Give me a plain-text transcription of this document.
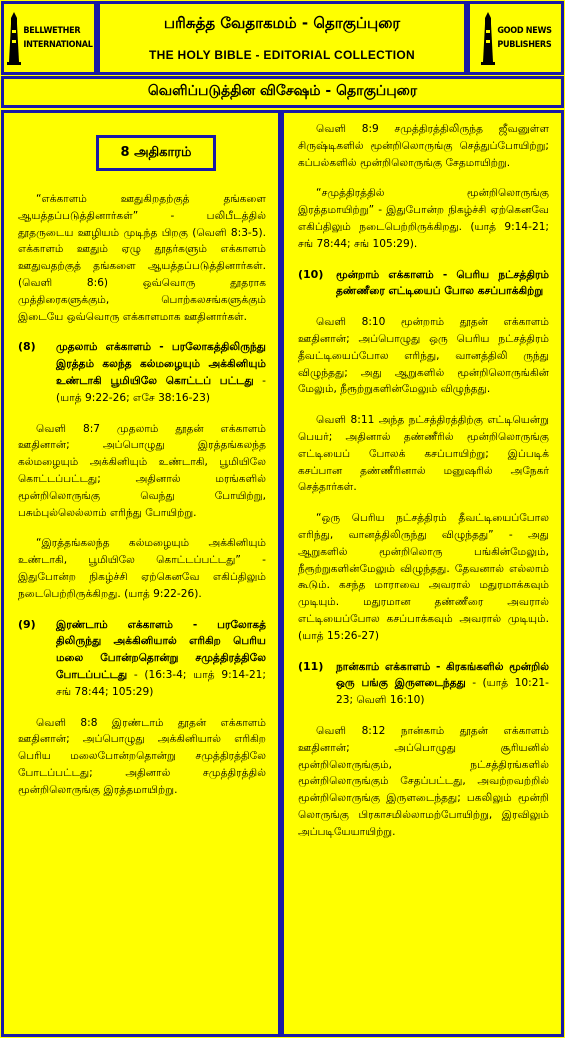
BELLWETHER
INTERNATIONAL
பரிசுத்த வேதாகமம் - தொகுப்புரை
THE HOLY BIBLE - EDITORIAL COLLECTION
GOOD NEWS
PUBLISHERS
வெளிப்படுத்தின விசேஷம் - தொகுப்புரை
8 அதிகாரம்
“எக்காளம் ஊதுகிறதற்குத் தங்களை ஆயத்தப்படுத்தினார்கள்” - பலிபீடத்தில் தூதருடைய ஊழியம் முடிந்த பிறகு (வெளி 8:3-5). எக்காளம் ஊதும் ஏழு தூதர்களும் எக்காளம் ஊதுவதற்குத் தங்களை ஆயத்தப்படுத்தினார்கள். (வெளி 8:6) ஒவ்வொரு தூதராக முத்திரைகளுக்கும், பொற்கலசங்களுக்கும் இடையே ஒவ்வொரு எக்காளமாக ஊதினார்கள்.
(8)	முதலாம் எக்காளம் - பரலோகத்திலிருந்து இரத்தம் கலந்த கல்மழையும் அக்கினியும் உண்டாகி பூமியிலே கொட்டப் பட்டது - (யாத் 9:22-26; எசே 38:16-23)
வெளி 8:7 முதலாம் தூதன் எக்காளம் ஊதினான்; அப்பொழுது இரத்தங்கலந்த கல்மழையும் அக்கினியும் உண்டாகி, பூமியிலே கொட்டப்பட்டது; அதினால் மரங்களில் மூன்றிலொருங்கு வெந்து போயிற்று, பசும்புல்லெல்லாம் எரிந்து போயிற்று.
“இரத்தங்கலந்த கல்மழையும் அக்கினியும் உண்டாகி, பூமியிலே கொட்டப்பட்டது” - இதுபோன்ற நிகழ்ச்சி ஏற்கெனவே எகிப்திலும் நடைபெற்றிருக்கிறது. (யாத் 9:22-26).
(9)	இரண்டாம் எக்காளம் - பரலோகத் திலிருந்து அக்கினியால் எரிகிற பெரிய மலை போன்றதொன்று சமுத்திரத்திலே போடப்பட்டது - (16:3-4; யாத் 9:14-21; சங் 78:44; 105:29)
வெளி 8:8 இரண்டாம் தூதன் எக்காளம் ஊதினான்; அப்பொழுது அக்கினியால் எரிகிற பெரிய மலைபோன்றதொன்று சமுத்திரத்திலே போடப்பட்டது; அதினால் சமுத்திரத்தில் மூன்றிலொருங்கு இரத்தமாயிற்று.
வெளி 8:9 சமுத்திரத்திலிருந்த ஜீவனுள்ள சிருஷ்டிகளில் மூன்றிலொருங்கு செத்துப்போயிற்று; கப்பல்களில் மூன்றிலொருங்கு சேதமாயிற்று.
“சமுத்திரத்தில் மூன்றிலொருங்கு இரத்தமாயிற்று” - இதுபோன்ற நிகழ்ச்சி ஏற்கெனவே எகிப்திலும் நடைபெற்றிருக்கிறது. (யாத் 9:14-21; சங் 78:44; சங் 105:29).
(10)	மூன்றாம் எக்காளம் - பெரிய நட்சத்திரம் தண்ணீரை எட்டியைப் போல கசப்பாக்கிற்று
வெளி 8:10 மூன்றாம் தூதன் எக்காளம் ஊதினான்; அப்பொழுது ஒரு பெரிய நட்சத்திரம் தீவட்டியைப்போல எரிந்து, வானத்திலி ருந்து விழுந்தது; அது ஆறுகளில் மூன்றிலொருங்கின் மேலும், நீரூற்றுகளின்மேலும் விழுந்தது.
வெளி 8:11 அந்த நட்சத்திரத்திற்கு எட்டியென்று பெயர்; அதினால் தண்ணீரில் மூன்றிலொருங்கு எட்டியைப் போலக் கசப்பாயிற்று; இப்படிக் கசப்பான தண்ணீரினால் மனுஷரில் அநேகர் செத்தார்கள்.
“ஒரு பெரிய நட்சத்திரம் தீவட்டியைப்போல எரிந்து, வானத்திலிருந்து விழுந்தது” - அது ஆறுகளில் மூன்றிலொரு பங்கின்மேலும், நீரூற்றுகளின்மேலும் விழுந்தது. தேவனால் எல்லாம் கூடும். கசந்த மாராவை அவரால் மதுரமாக்கவும் முடியும். மதுரமான தண்ணீரை அவரால் எட்டியைப்போல கசப்பாக்கவும் அவரால் முடியும். (யாத் 15:26-27)
(11)	நான்காம் எக்காளம் - கிரகங்களில் மூன்றில் ஒரு பங்கு இருளடைந்தது - (யாத் 10:21-23; வெளி 16:10)
வெளி 8:12 நான்காம் தூதன் எக்காளம் ஊதினான்; அப்பொழுது சூரியனில் மூன்றிலொருங்கும், நட்சத்திரங்களில் மூன்றிலொருங்கும் சேதப்பட்டது, அவற்றவற்றில் மூன்றிலொருங்கு இருளடைந்தது; பகலிலும் மூன்றி லொருங்கு பிரகாசமில்லாமற்போயிற்று, இரவிலும் அப்படியேயாயிற்று.
